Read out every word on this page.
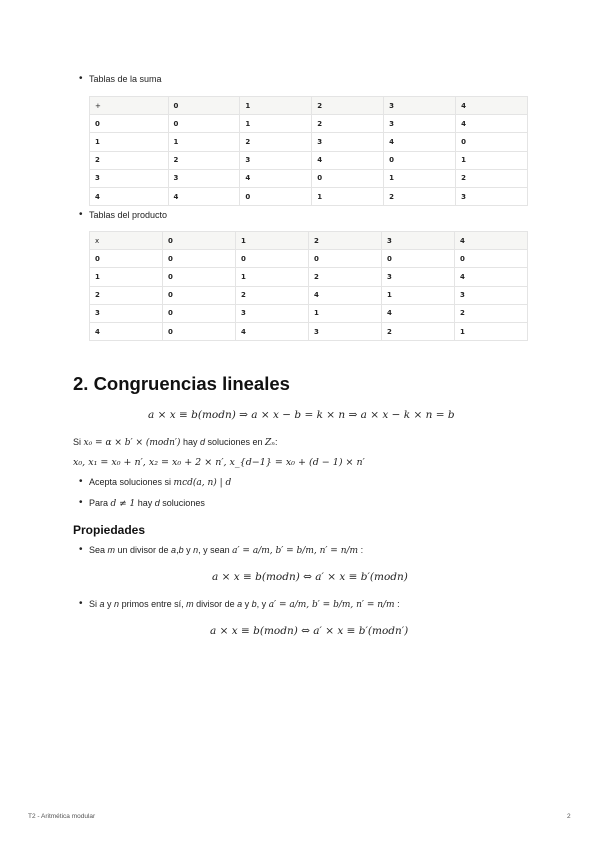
• Tablas de la suma
+	0	1	2	3	4
0	0	1	2	3	4
1	1	2	3	4	0
2	2	3	4	0	1
3	3	4	0	1	2
4	4	0	1	2	3
• Tablas del producto
x	0	1	2	3	4
0	0	0	0	0	0
1	0	1	2	3	4
2	0	2	4	1	3
3	0	3	1	4	2
4	0	4	3	2	1
2. Congruencias lineales
a × x ≡ b(modn) ⇒ a × x − b = k × n ⇒ a × x − k × n = b
Si x₀ = α × b′ × (modn′) hay d soluciones en Zₙ:
x₀, x₁ = x₀ + n′, x₂ = x₀ + 2 × n′, x_{d−1} = x₀ + (d − 1) × n′
• Acepta soluciones si mcd(a, n) | d
• Para d ≠ 1 hay d soluciones
Propiedades
• Sea m un divisor de a,b y n, y sean a′ = a/m, b′ = b/m, n′ = n/m :
a × x ≡ b(modn) ⇔ a′ × x ≡ b′(modn)
• Si a y n primos entre sí, m divisor de a y b, y a′ = a/m, b′ = b/m, n′ = n/m :
a × x ≡ b(modn) ⇔ a′ × x ≡ b′(modn′)
T2 - Aritmética modular	2
